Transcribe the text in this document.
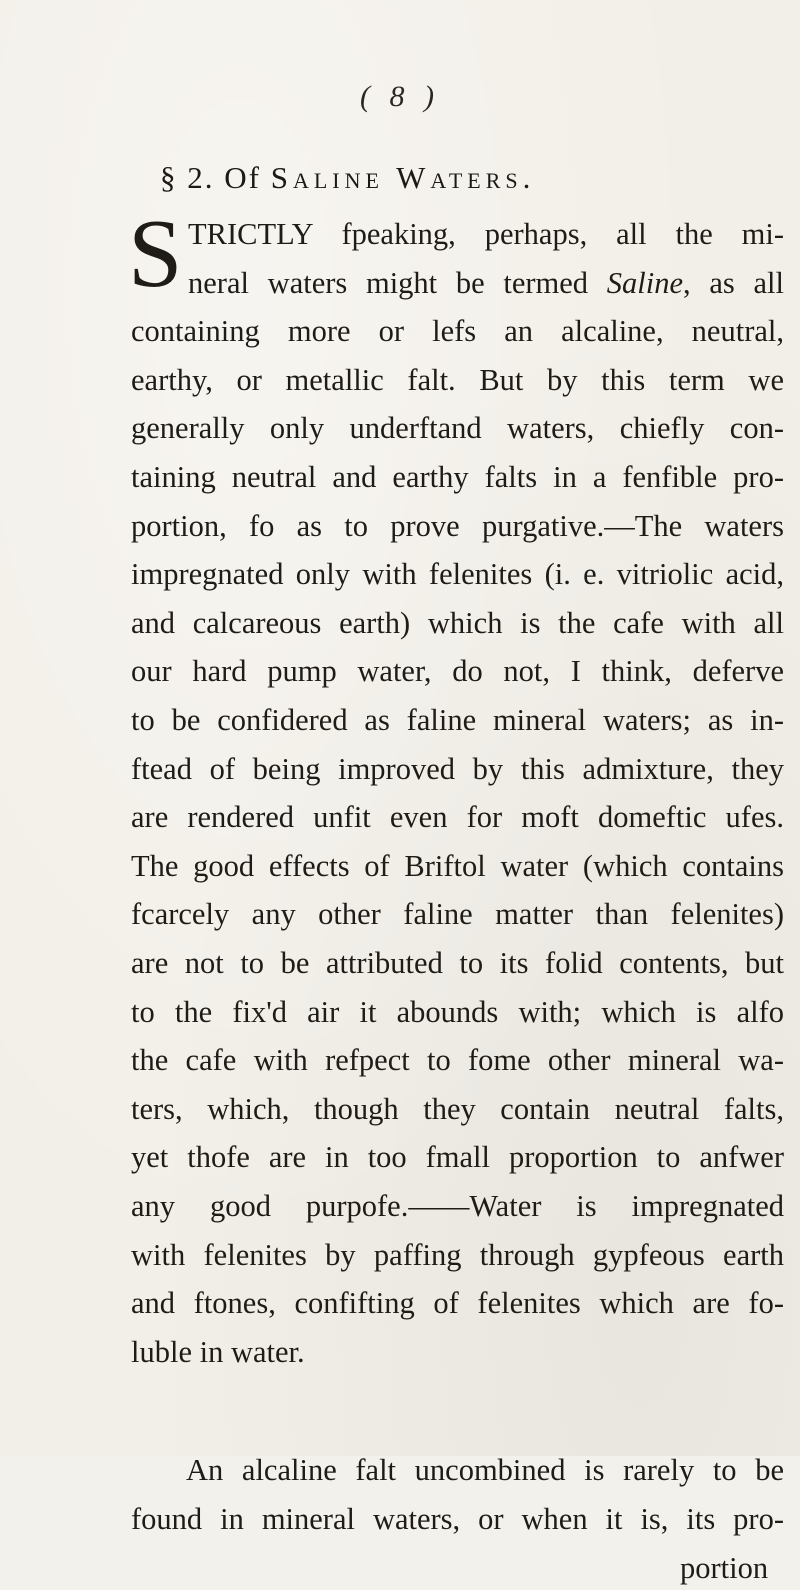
( 8 )
§ 2. Of Saline Waters.
S TRICTLY fpeaking, perhaps, all the mi-
neral waters might be termed Saline, as all
containing more or lefs an alcaline, neutral,
earthy, or metallic falt. But by this term we
generally only underftand waters, chiefly con-
taining neutral and earthy falts in a fenfible pro-
portion, fo as to prove purgative.—The waters
impregnated only with felenites (i. e. vitriolic acid,
and calcareous earth) which is the cafe with all
our hard pump water, do not, I think, deferve
to be confidered as faline mineral waters; as in-
ftead of being improved by this admixture, they
are rendered unfit even for moft domeftic ufes.
The good effects of Briftol water (which contains
fcarcely any other faline matter than felenites)
are not to be attributed to its folid contents, but
to the fix'd air it abounds with; which is alfo
the cafe with refpect to fome other mineral wa-
ters, which, though they contain neutral falts,
yet thofe are in too fmall proportion to anfwer
any good purpofe.——Water is impregnated
with felenites by paffing through gypfeous earth
and ftones, confifting of felenites which are fo-
luble in water.
An alcaline falt uncombined is rarely to be
found in mineral waters, or when it is, its pro-
portion
